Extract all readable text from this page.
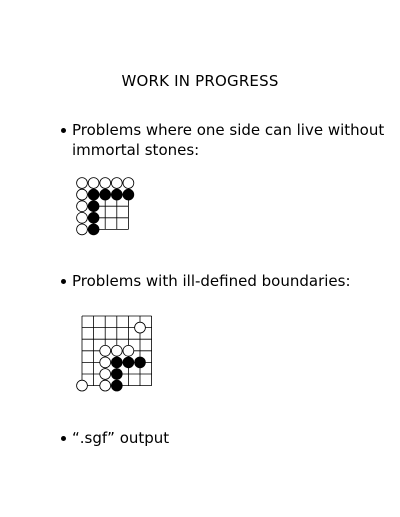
WORK IN PROGRESS
Problems where one side can live without
immortal stones:
Problems with ill-defined boundaries:
“.sgf” output
